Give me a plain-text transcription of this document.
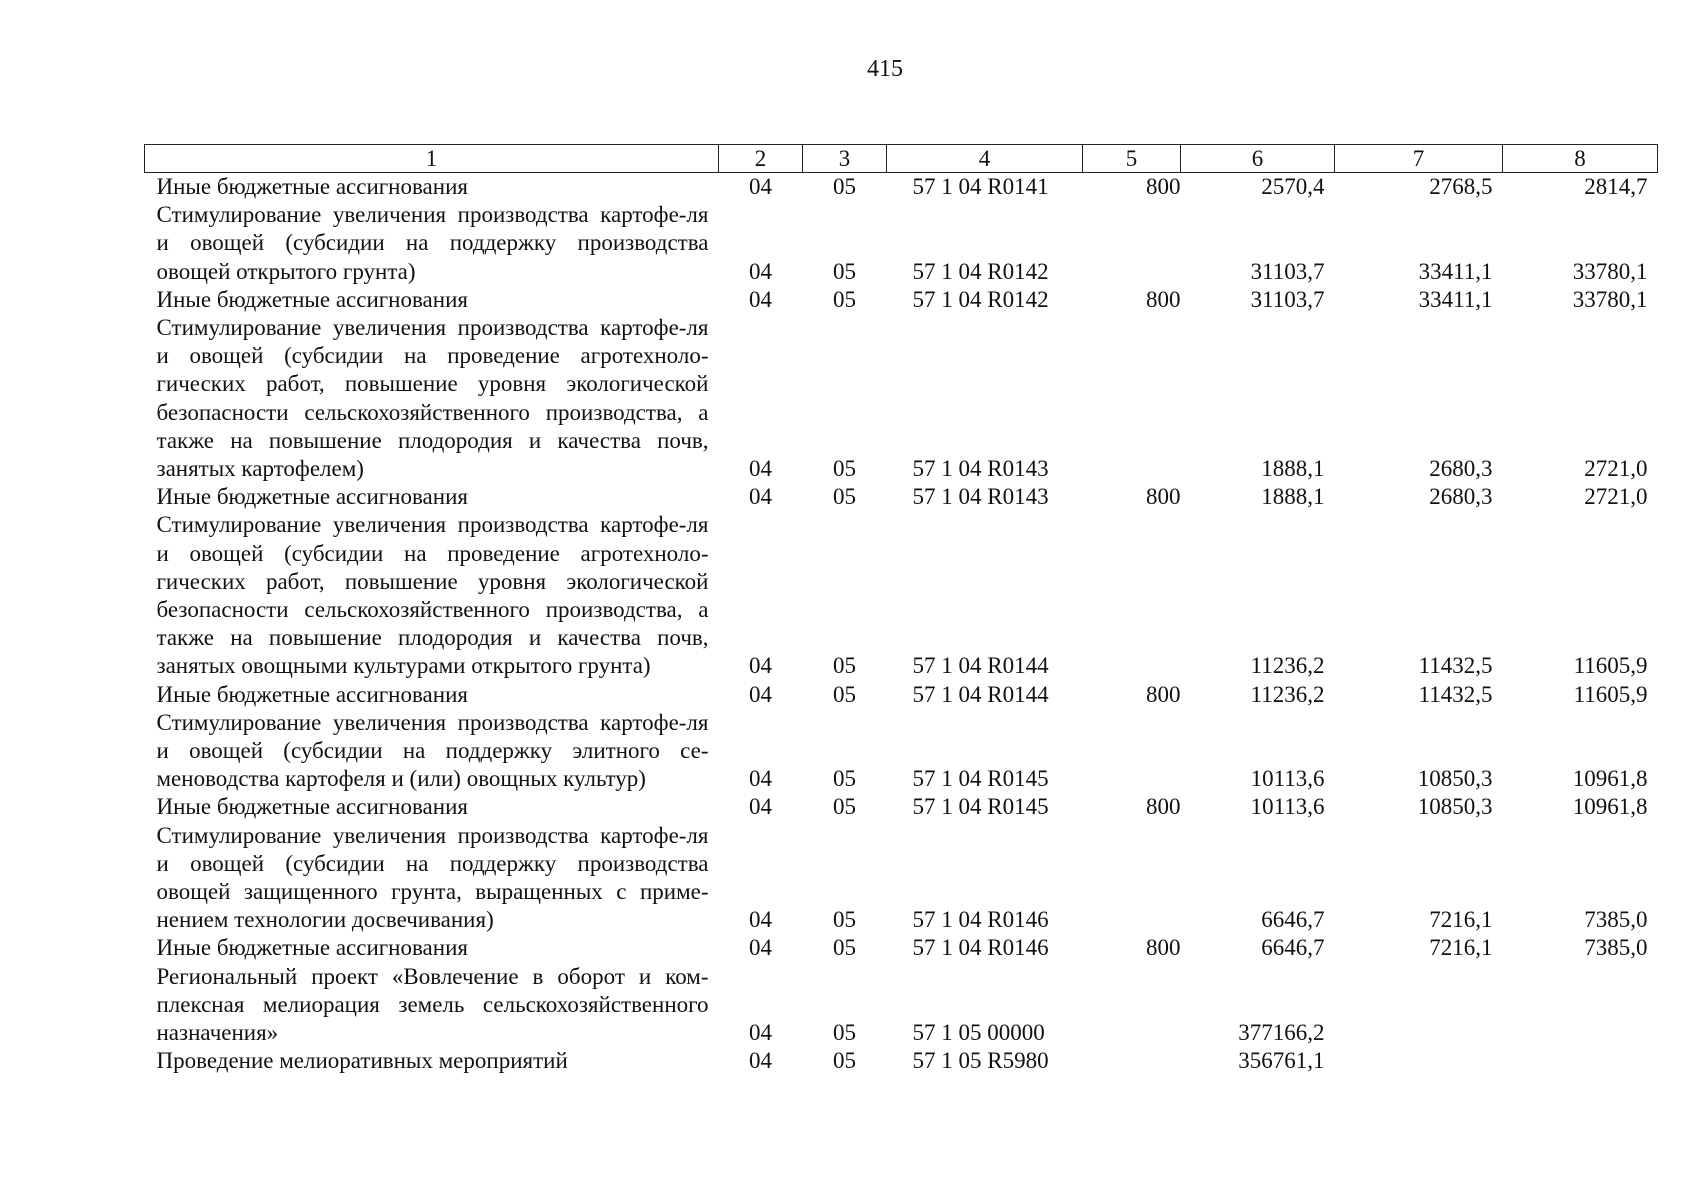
415
1	2	3	4	5	6	7	8
Иные бюджетные ассигнования	04	05	57 1 04 R0141	800	2570,4	2768,5	2814,7
Стимулирование увеличения производства картофе-ля и овощей (субсидии на поддержку производства овощей открытого грунта)	04	05	57 1 04 R0142		31103,7	33411,1	33780,1
Иные бюджетные ассигнования	04	05	57 1 04 R0142	800	31103,7	33411,1	33780,1
Стимулирование увеличения производства картофе-ля и овощей (субсидии на проведение агротехноло-гических работ, повышение уровня экологической безопасности сельскохозяйственного производства, а также на повышение плодородия и качества почв, занятых картофелем)	04	05	57 1 04 R0143		1888,1	2680,3	2721,0
Иные бюджетные ассигнования	04	05	57 1 04 R0143	800	1888,1	2680,3	2721,0
Стимулирование увеличения производства картофе-ля и овощей (субсидии на проведение агротехноло-гических работ, повышение уровня экологической безопасности сельскохозяйственного производства, а также на повышение плодородия и качества почв, занятых овощными культурами открытого грунта)	04	05	57 1 04 R0144		11236,2	11432,5	11605,9
Иные бюджетные ассигнования	04	05	57 1 04 R0144	800	11236,2	11432,5	11605,9
Стимулирование увеличения производства картофе-ля и овощей (субсидии на поддержку элитного се-меноводства картофеля и (или) овощных культур)	04	05	57 1 04 R0145		10113,6	10850,3	10961,8
Иные бюджетные ассигнования	04	05	57 1 04 R0145	800	10113,6	10850,3	10961,8
Стимулирование увеличения производства картофе-ля и овощей (субсидии на поддержку производства овощей защищенного грунта, выращенных с приме-нением технологии досвечивания)	04	05	57 1 04 R0146		6646,7	7216,1	7385,0
Иные бюджетные ассигнования	04	05	57 1 04 R0146	800	6646,7	7216,1	7385,0
Региональный проект «Вовлечение в оборот и ком-плексная мелиорация земель сельскохозяйственного назначения»	04	05	57 1 05 00000		377166,2		
Проведение мелиоративных мероприятий	04	05	57 1 05 R5980		356761,1		
